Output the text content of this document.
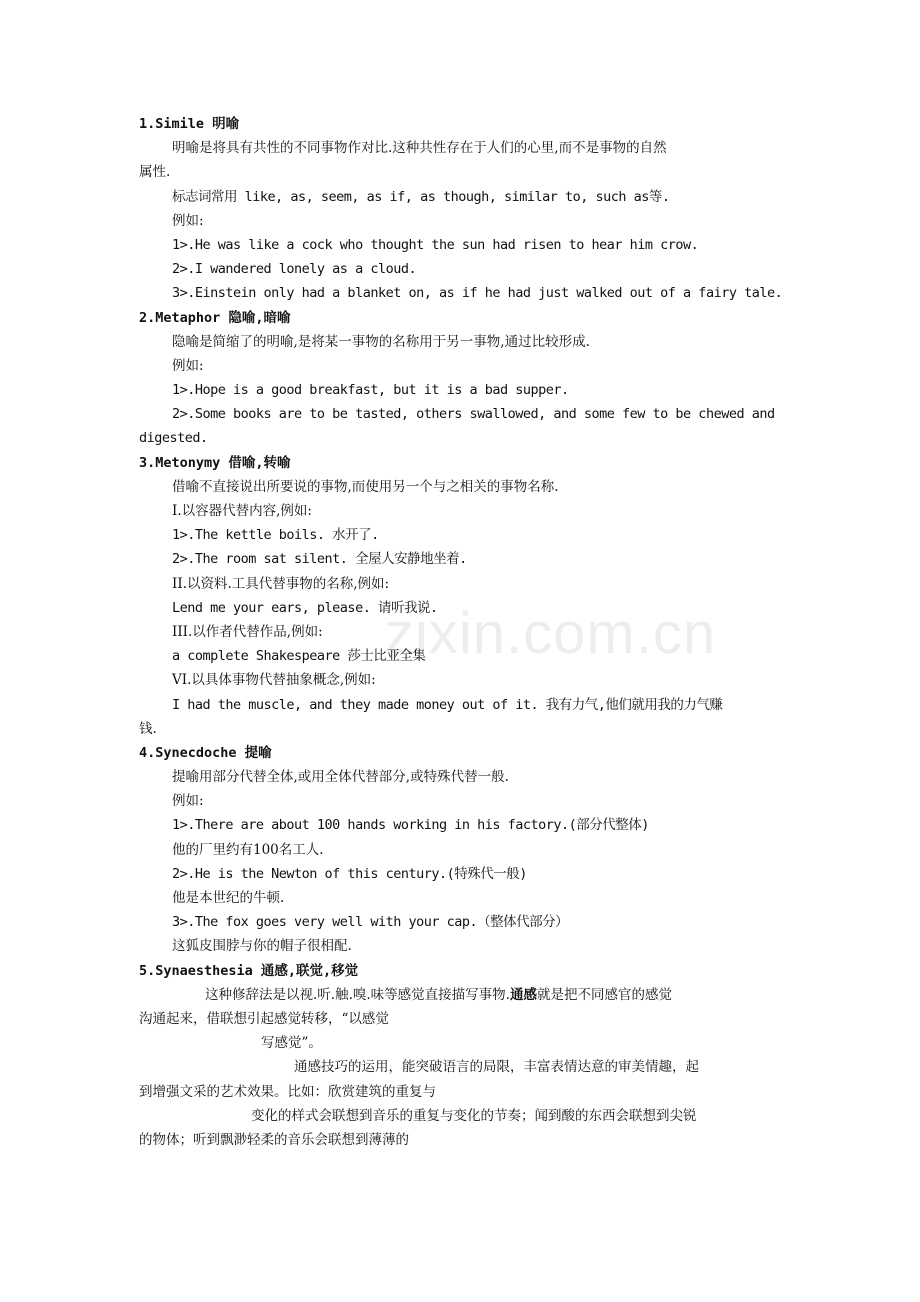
zixin.com.cn
1.Simile 明喻
明喻是将具有共性的不同事物作对比.这种共性存在于人们的心里,而不是事物的自然
属性.
标志词常用 like, as, seem, as if, as though, similar to, such as等.
例如:
1>.He was like a cock who thought the sun had risen to hear him crow.
2>.I wandered lonely as a cloud.
3>.Einstein only had a blanket on, as if he had just walked out of a fairy tale.
2.Metaphor 隐喻,暗喻
隐喻是简缩了的明喻,是将某一事物的名称用于另一事物,通过比较形成.
例如:
1>.Hope is a good breakfast, but it is a bad supper.
2>.Some books are to be tasted, others swallowed, and some few to be chewed and
digested.
3.Metonymy 借喻,转喻
借喻不直接说出所要说的事物,而使用另一个与之相关的事物名称.
I.以容器代替内容,例如:
1>.The kettle boils. 水开了.
2>.The room sat silent. 全屋人安静地坐着.
II.以资料.工具代替事物的名称,例如:
Lend me your ears, please. 请听我说.
III.以作者代替作品,例如:
a complete Shakespeare 莎士比亚全集
VI.以具体事物代替抽象概念,例如:
I had the muscle, and they made money out of it. 我有力气,他们就用我的力气赚
钱.
4.Synecdoche 提喻
提喻用部分代替全体,或用全体代替部分,或特殊代替一般.
例如:
1>.There are about 100 hands working in his factory.(部分代整体)
他的厂里约有100名工人.
2>.He is the Newton of this century.(特殊代一般)
他是本世纪的牛顿.
3>.The fox goes very well with your cap.（整体代部分）
这狐皮围脖与你的帽子很相配.
5.Synaesthesia 通感,联觉,移觉
这种修辞法是以视.听.触.嗅.味等感觉直接描写事物.通感就是把不同感官的感觉
沟通起来，借联想引起感觉转移，“以感觉
写感觉”。
通感技巧的运用，能突破语言的局限，丰富表情达意的审美情趣，起
到增强文采的艺术效果。比如：欣赏建筑的重复与
变化的样式会联想到音乐的重复与变化的节奏；闻到酸的东西会联想到尖锐
的物体；听到飘渺轻柔的音乐会联想到薄薄的
